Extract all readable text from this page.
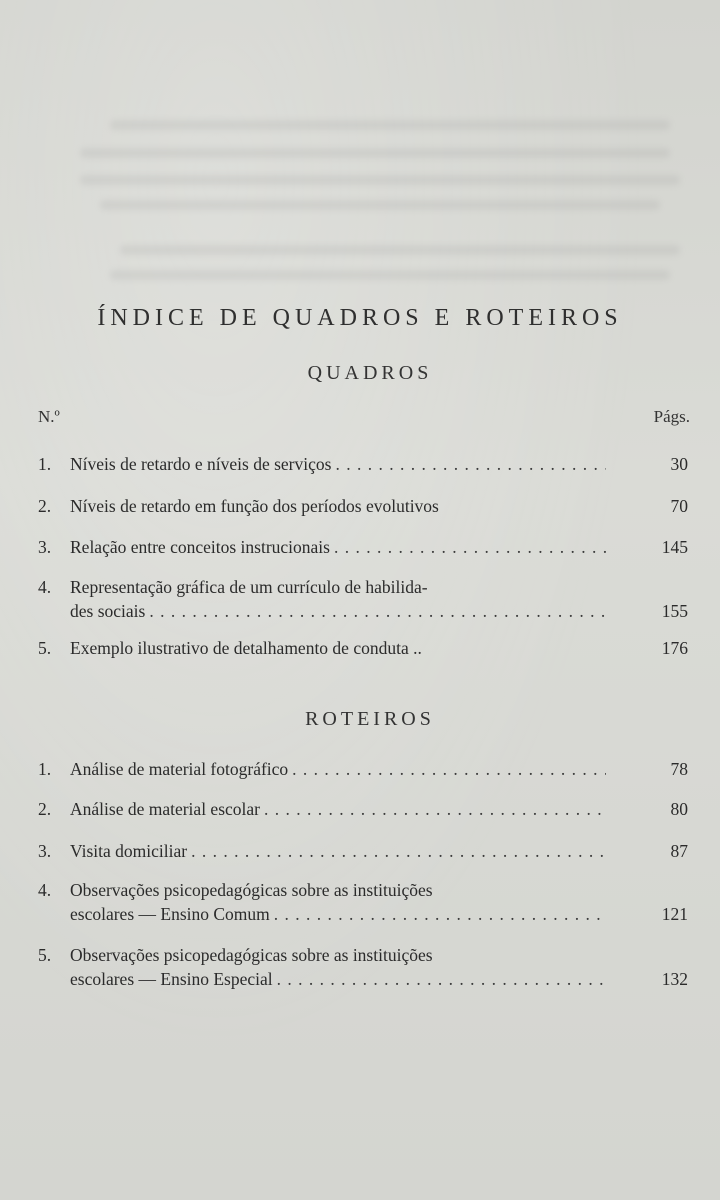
ÍNDICE DE QUADROS E ROTEIROS
QUADROS
N.º	Págs.
1.	Níveis de retardo e níveis de serviços . . .	30
2.	Níveis de retardo em função dos períodos evolutivos	70
3.	Relação entre conceitos instrucionais . . .	145
4.	Representação gráfica de um currículo de habilida-
des sociais . . .	155
5.	Exemplo ilustrativo de detalhamento de conduta ..	176
ROTEIROS
1.	Análise de material fotográfico . . .	78
2.	Análise de material escolar . . .	80
3.	Visita domiciliar . . .	87
4.	Observações psicopedagógicas sobre as instituições
escolares — Ensino Comum . . .	121
5.	Observações psicopedagógicas sobre as instituições
escolares — Ensino Especial . . .	132
